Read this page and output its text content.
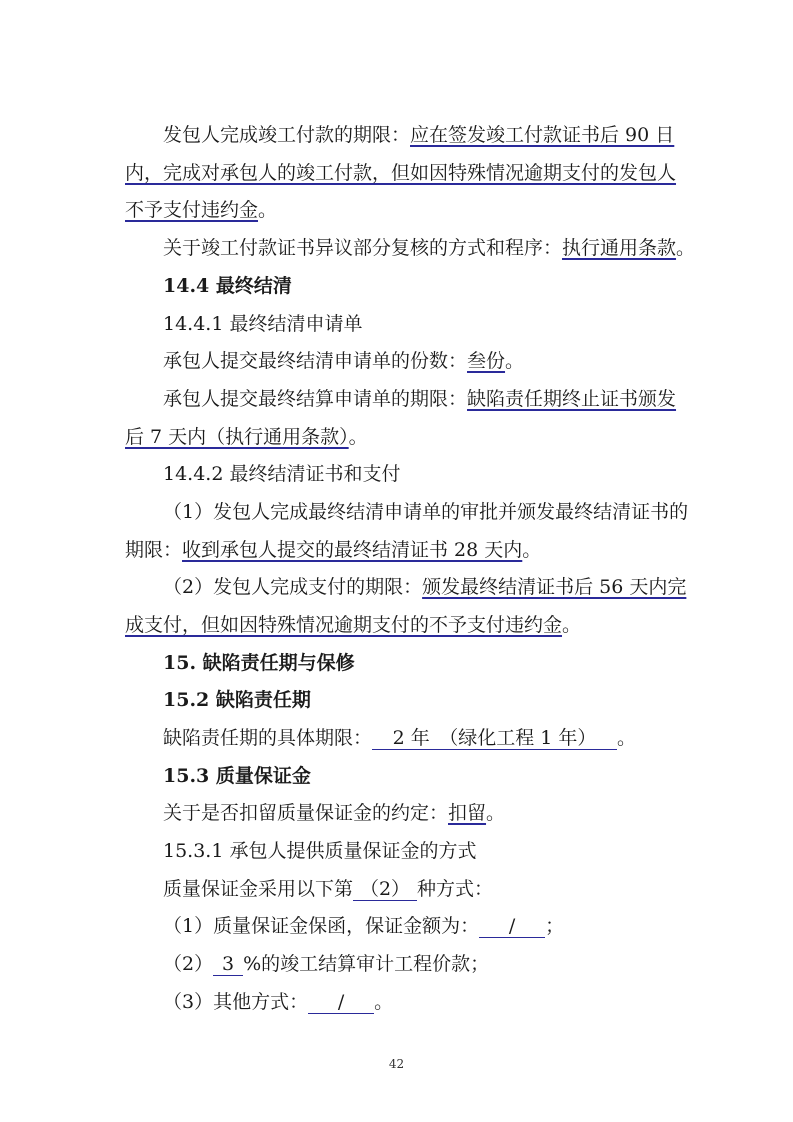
发包人完成竣工付款的期限：应在签发竣工付款证书后 90 日
内，完成对承包人的竣工付款，但如因特殊情况逾期支付的发包人
不予支付违约金。
关于竣工付款证书异议部分复核的方式和程序：执行通用条款。
14.4 最终结清
14.4.1 最终结清申请单
承包人提交最终结清申请单的份数：叁份。
承包人提交最终结算申请单的期限：缺陷责任期终止证书颁发
后 7 天内（执行通用条款）。
14.4.2 最终结清证书和支付
（1）发包人完成最终结清申请单的审批并颁发最终结清证书的
期限：收到承包人提交的最终结清证书 28 天内。
（2）发包人完成支付的期限：颁发最终结清证书后 56 天内完
成支付，但如因特殊情况逾期支付的不予支付违约金。
15. 缺陷责任期与保修
15.2 缺陷责任期
缺陷责任期的具体期限： 2 年　（绿化工程 1 年） 。
15.3 质量保证金
关于是否扣留质量保证金的约定：扣留。
15.3.1 承包人提供质量保证金的方式
质量保证金采用以下第 （2） 种方式：
（1）质量保证金保函，保证金额为： / ；
（2） 3 %的竣工结算审计工程价款；
（3）其他方式： / 。
42
